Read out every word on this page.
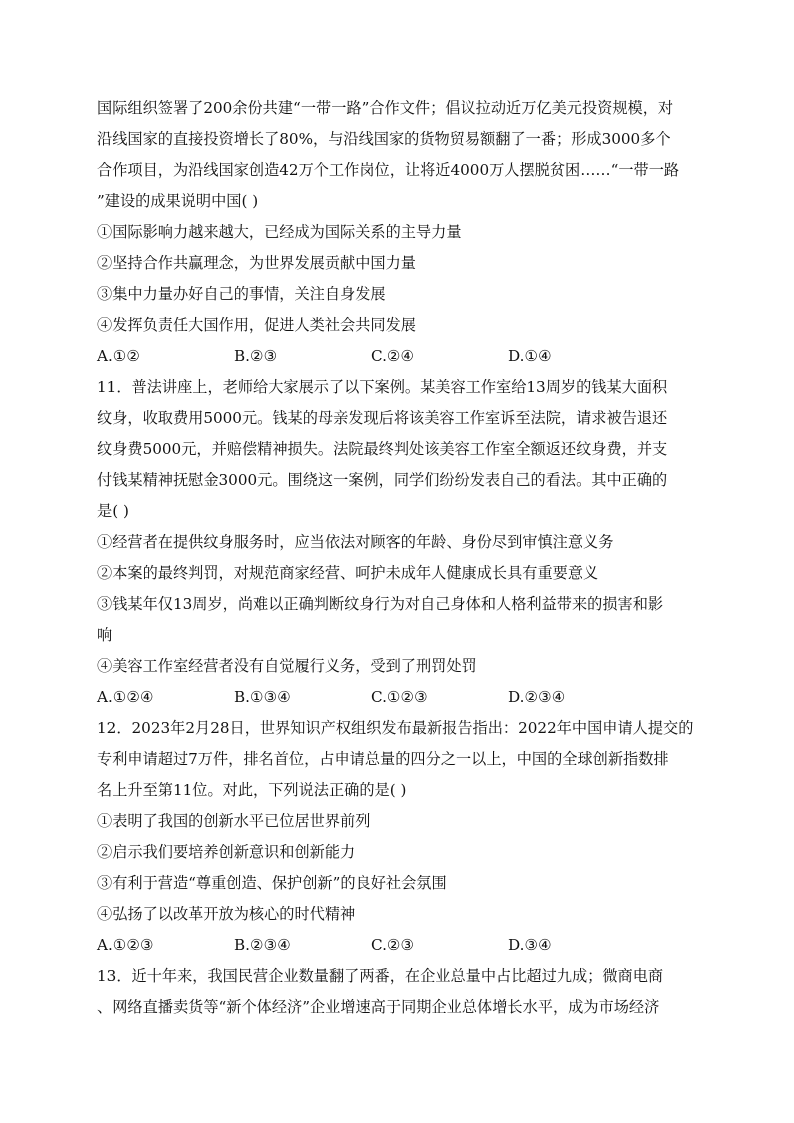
国际组织签署了200余份共建“一带一路”合作文件；倡议拉动近万亿美元投资规模，对
沿线国家的直接投资增长了80%，与沿线国家的货物贸易额翻了一番；形成3000多个
合作项目，为沿线国家创造42万个工作岗位，让将近4000万人摆脱贫困……“一带一路
”建设的成果说明中国( )
①国际影响力越来越大，已经成为国际关系的主导力量
②坚持合作共赢理念，为世界发展贡献中国力量
③集中力量办好自己的事情，关注自身发展
④发挥负责任大国作用，促进人类社会共同发展
A.①②	B.②③	C.②④	D.①④
11．普法讲座上，老师给大家展示了以下案例。某美容工作室给13周岁的钱某大面积
纹身，收取费用5000元。钱某的母亲发现后将该美容工作室诉至法院，请求被告退还
纹身费5000元，并赔偿精神损失。法院最终判处该美容工作室全额返还纹身费，并支
付钱某精神抚慰金3000元。围绕这一案例，同学们纷纷发表自己的看法。其中正确的
是( )
①经营者在提供纹身服务时，应当依法对顾客的年龄、身份尽到审慎注意义务
②本案的最终判罚，对规范商家经营、呵护未成年人健康成长具有重要意义
③钱某年仅13周岁，尚难以正确判断纹身行为对自己身体和人格利益带来的损害和影
响
④美容工作室经营者没有自觉履行义务，受到了刑罚处罚
A.①②④	B.①③④	C.①②③	D.②③④
12．2023年2月28日，世界知识产权组织发布最新报告指出：2022年中国申请人提交的
专利申请超过7万件，排名首位，占申请总量的四分之一以上，中国的全球创新指数排
名上升至第11位。对此，下列说法正确的是( )
①表明了我国的创新水平已位居世界前列
②启示我们要培养创新意识和创新能力
③有利于营造“尊重创造、保护创新”的良好社会氛围
④弘扬了以改革开放为核心的时代精神
A.①②③	B.②③④	C.②③	D.③④
13．近十年来，我国民营企业数量翻了两番，在企业总量中占比超过九成；微商电商
、网络直播卖货等“新个体经济”企业增速高于同期企业总体增长水平，成为市场经济
